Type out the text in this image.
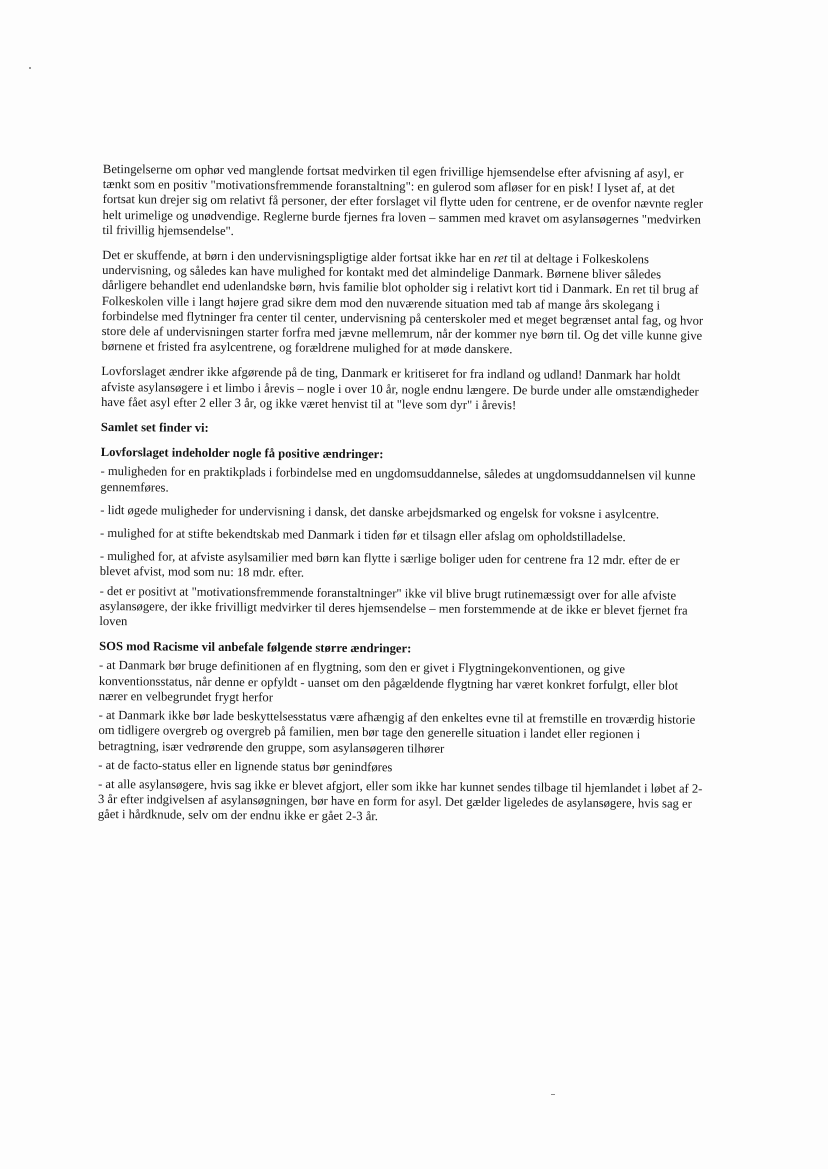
Betingelserne om ophør ved manglende fortsat medvirken til egen frivillige hjemsendelse efter afvisning af asyl, er tænkt som en positiv "motivationsfremmende foranstaltning": en gulerod som afløser for en pisk! I lyset af, at det fortsat kun drejer sig om relativt få personer, der efter forslaget vil flytte uden for centrene, er de ovenfor nævnte regler helt urimelige og unødvendige. Reglerne burde fjernes fra loven – sammen med kravet om asylansøgernes "medvirken til frivillig hjemsendelse".

Det er skuffende, at børn i den undervisningspligtige alder fortsat ikke har en ret til at deltage i Folkeskolens undervisning, og således kan have mulighed for kontakt med det almindelige Danmark. Børnene bliver således dårligere behandlet end udenlandske børn, hvis familie blot opholder sig i relativt kort tid i Danmark. En ret til brug af Folkeskolen ville i langt højere grad sikre dem mod den nuværende situation med tab af mange års skolegang i forbindelse med flytninger fra center til center, undervisning på centerskoler med et meget begrænset antal fag, og hvor store dele af undervisningen starter forfra med jævne mellemrum, når der kommer nye børn til. Og det ville kunne give børnene et fristed fra asylcentrene, og forældrene mulighed for at møde danskere.

Lovforslaget ændrer ikke afgørende på de ting, Danmark er kritiseret for fra indland og udland! Danmark har holdt afviste asylansøgere i et limbo i årevis – nogle i over 10 år, nogle endnu længere. De burde under alle omstændigheder have fået asyl efter 2 eller 3 år, og ikke været henvist til at "leve som dyr" i årevis!

Samlet set finder vi:

Lovforslaget indeholder nogle få positive ændringer:

- muligheden for en praktikplads i forbindelse med en ungdomsuddannelse, således at ungdomsuddannelsen vil kunne gennemføres.

- lidt øgede muligheder for undervisning i dansk, det danske arbejdsmarked og engelsk for voksne i asylcentre.

- mulighed for at stifte bekendtskab med Danmark i tiden før et tilsagn eller afslag om opholdstilladelse.

- mulighed for, at afviste asylsamilier med børn kan flytte i særlige boliger uden for centrene fra 12 mdr. efter de er blevet afvist, mod som nu: 18 mdr. efter.

- det er positivt at "motivationsfremmende foranstaltninger" ikke vil blive brugt rutinemæssigt over for alle afviste asylansøgere, der ikke frivilligt medvirker til deres hjemsendelse – men forstemmende at de ikke er blevet fjernet fra loven

SOS mod Racisme vil anbefale følgende større ændringer:

- at Danmark bør bruge definitionen af en flygtning, som den er givet i Flygtningekonventionen, og give konventionsstatus, når denne er opfyldt - uanset om den pågældende flygtning har været konkret forfulgt, eller blot nærer en velbegrundet frygt herfor

- at Danmark ikke bør lade beskyttelsesstatus være afhængig af den enkeltes evne til at fremstille en troværdig historie om tidligere overgreb og overgreb på familien, men bør tage den generelle situation i landet eller regionen i betragtning, især vedrørende den gruppe, som asylansøgeren tilhører

- at de facto-status eller en lignende status bør genindføres

- at alle asylansøgere, hvis sag ikke er blevet afgjort, eller som ikke har kunnet sendes tilbage til hjemlandet i løbet af 2-3 år efter indgivelsen af asylansøgningen, bør have en form for asyl. Det gælder ligeledes de asylansøgere, hvis sag er gået i hårdknude, selv om der endnu ikke er gået 2-3 år.
